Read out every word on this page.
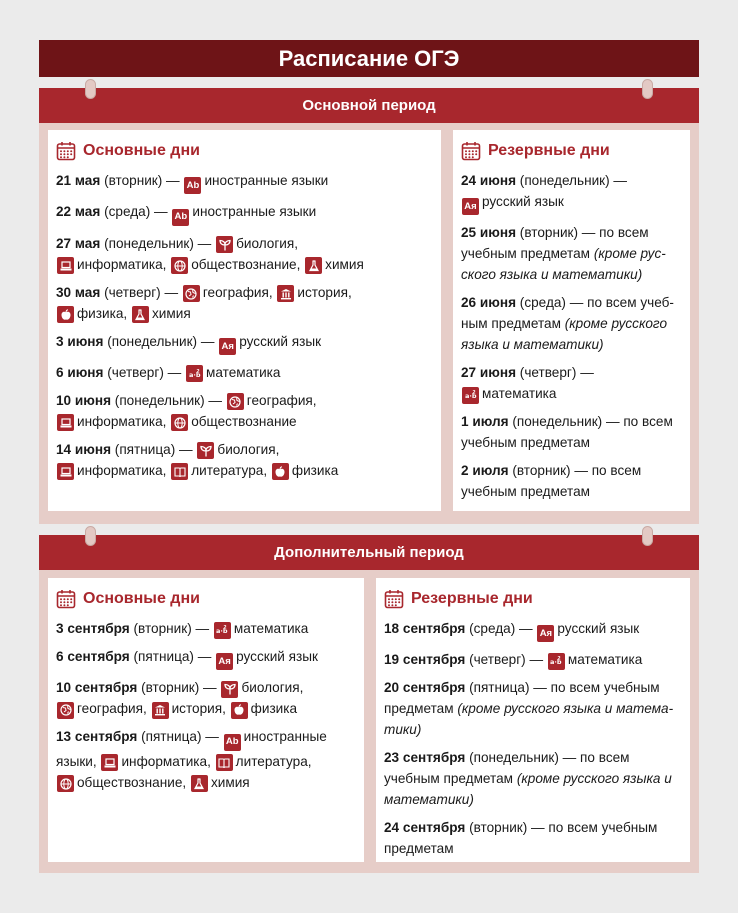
Расписание ОГЭ
Основной период
Основные дни
21 мая (вторник) — Ab иностранные языки
22 мая (среда) — Ab иностранные языки
27 мая (понедельник) — биология,

информатика,
обществознание,
химия
30 мая (четверг) — география,
история,

физика,
химия
3 июня (понедельник) — Ая русский язык
6 июня (четверг) — математика
10 июня (понедельник) — география,

информатика,
обществознание
14 июня (пятница) — биология,

информатика,
литература,
физика
Резервные дни
24 июня (понедельник) —
Ая русский язык
25 июня (вторник) — по всем учебным предметам (кроме рус-ского языка и математики)
26 июня (среда) — по всем учеб-ным предметам (кроме русского языка и математики)
27 июня (четверг) —

математика
1 июля (понедельник) — по всем учебным предметам
2 июля (вторник) — по всем учебным предметам
Дополнительный период
Основные дни
3 сентября (вторник) — математика
6 сентября (пятница) — Ая русский язык
10 сентября (вторник) — биология,

география,
история,
физика
13 сентября (пятница) — Ab иностранные языки,
информатика,
литература,

обществознание,
химия
Резервные дни
18 сентября (среда) — Ая русский язык
19 сентября (четверг) — математика
20 сентября (пятница) — по всем учебным предметам (кроме русского языка и матема-тики)
23 сентября (понедельник) — по всем учебным предметам (кроме русского языка и математики)
24 сентября (вторник) — по всем учебным предметам
